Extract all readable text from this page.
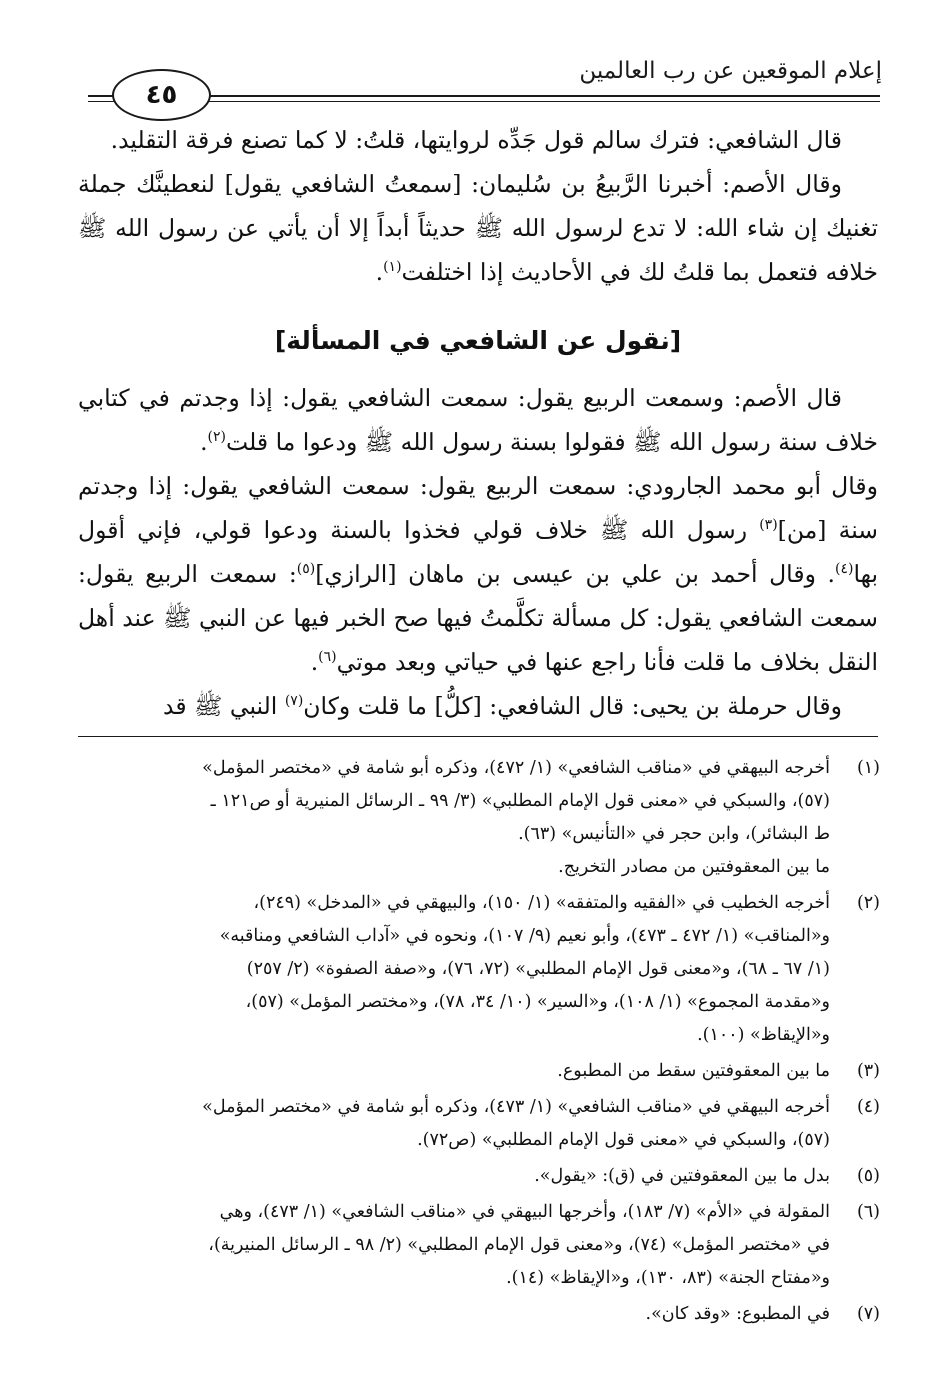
إعلام الموقعين عن رب العالمين
٤٥

قال الشافعي: فترك سالم قول جَدِّه لروايتها، قلتُ: لا كما تصنع فرقة التقليد.

وقال الأصم: أخبرنا الرَّبيعُ بن سُليمان: [سمعتُ الشافعي يقول] لنعطينَّك جملة تغنيك إن شاء الله: لا تدع لرسول الله ﷺ حديثاً أبداً إلا أن يأتي عن رسول الله ﷺ خلافه فتعمل بما قلتُ لك في الأحاديث إذا اختلفت$^{(١)}$.

[نقول عن الشافعي في المسألة]

قال الأصم: وسمعت الربيع يقول: سمعت الشافعي يقول: إذا وجدتم في كتابي خلاف سنة رسول الله ﷺ فقولوا بسنة رسول الله ﷺ ودعوا ما قلت$^{(٢)}$.

وقال أبو محمد الجارودي: سمعت الربيع يقول: سمعت الشافعي يقول: إذا وجدتم سنة [من]$^{(٣)}$ رسول الله ﷺ خلاف قولي فخذوا بالسنة ودعوا قولي، فإني أقول بها$^{(٤)}$. وقال أحمد بن علي بن عيسى بن ماهان [الرازي]$^{(٥)}$: سمعت الربيع يقول: سمعت الشافعي يقول: كل مسألة تكلَّمتُ فيها صح الخبر فيها عن النبي ﷺ عند أهل النقل بخلاف ما قلت فأنا راجع عنها في حياتي وبعد موتي$^{(٦)}$.

وقال حرملة بن يحيى: قال الشافعي: [كلُّ] ما قلت وكان$^{(٧)}$ النبي ﷺ قد

(١)
أخرجه البيهقي في «مناقب الشافعي» (١/ ٤٧٢)، وذكره أبو شامة في «مختصر المؤمل»
(٥٧)، والسبكي في «معنى قول الإمام المطلبي» (٣/ ٩٩ ـ الرسائل المنيرية أو ص١٢١ ـ
ط البشائر)، وابن حجر في «التأنيس» (٦٣).
ما بين المعقوفتين من مصادر التخريج.
(٢)
أخرجه الخطيب في «الفقيه والمتفقه» (١/ ١٥٠)، والبيهقي في «المدخل» (٢٤٩)،
و«المناقب» (١/ ٤٧٢ ـ ٤٧٣)، وأبو نعيم (٩/ ١٠٧)، ونحوه في «آداب الشافعي ومناقبه»
(١/ ٦٧ ـ ٦٨)، و«معنى قول الإمام المطلبي» (٧٢، ٧٦)، و«صفة الصفوة» (٢/ ٢٥٧)
و«مقدمة المجموع» (١/ ١٠٨)، و«السير» (١٠/ ٣٤، ٧٨)، و«مختصر المؤمل» (٥٧)،
و«الإيقاظ» (١٠٠).
(٣)
ما بين المعقوفتين سقط من المطبوع.
(٤)
أخرجه البيهقي في «مناقب الشافعي» (١/ ٤٧٣)، وذكره أبو شامة في «مختصر المؤمل»
(٥٧)، والسبكي في «معنى قول الإمام المطلبي» (ص٧٢).
(٥)
بدل ما بين المعقوفتين في (ق): «يقول».
(٦)
المقولة في «الأم» (٧/ ١٨٣)، وأخرجها البيهقي في «مناقب الشافعي» (١/ ٤٧٣)، وهي
في «مختصر المؤمل» (٧٤)، و«معنى قول الإمام المطلبي» (٢/ ٩٨ ـ الرسائل المنيرية)،
و«مفتاح الجنة» (٨٣، ١٣٠)، و«الإيقاظ» (١٤).
(٧)
في المطبوع: «وقد كان».
